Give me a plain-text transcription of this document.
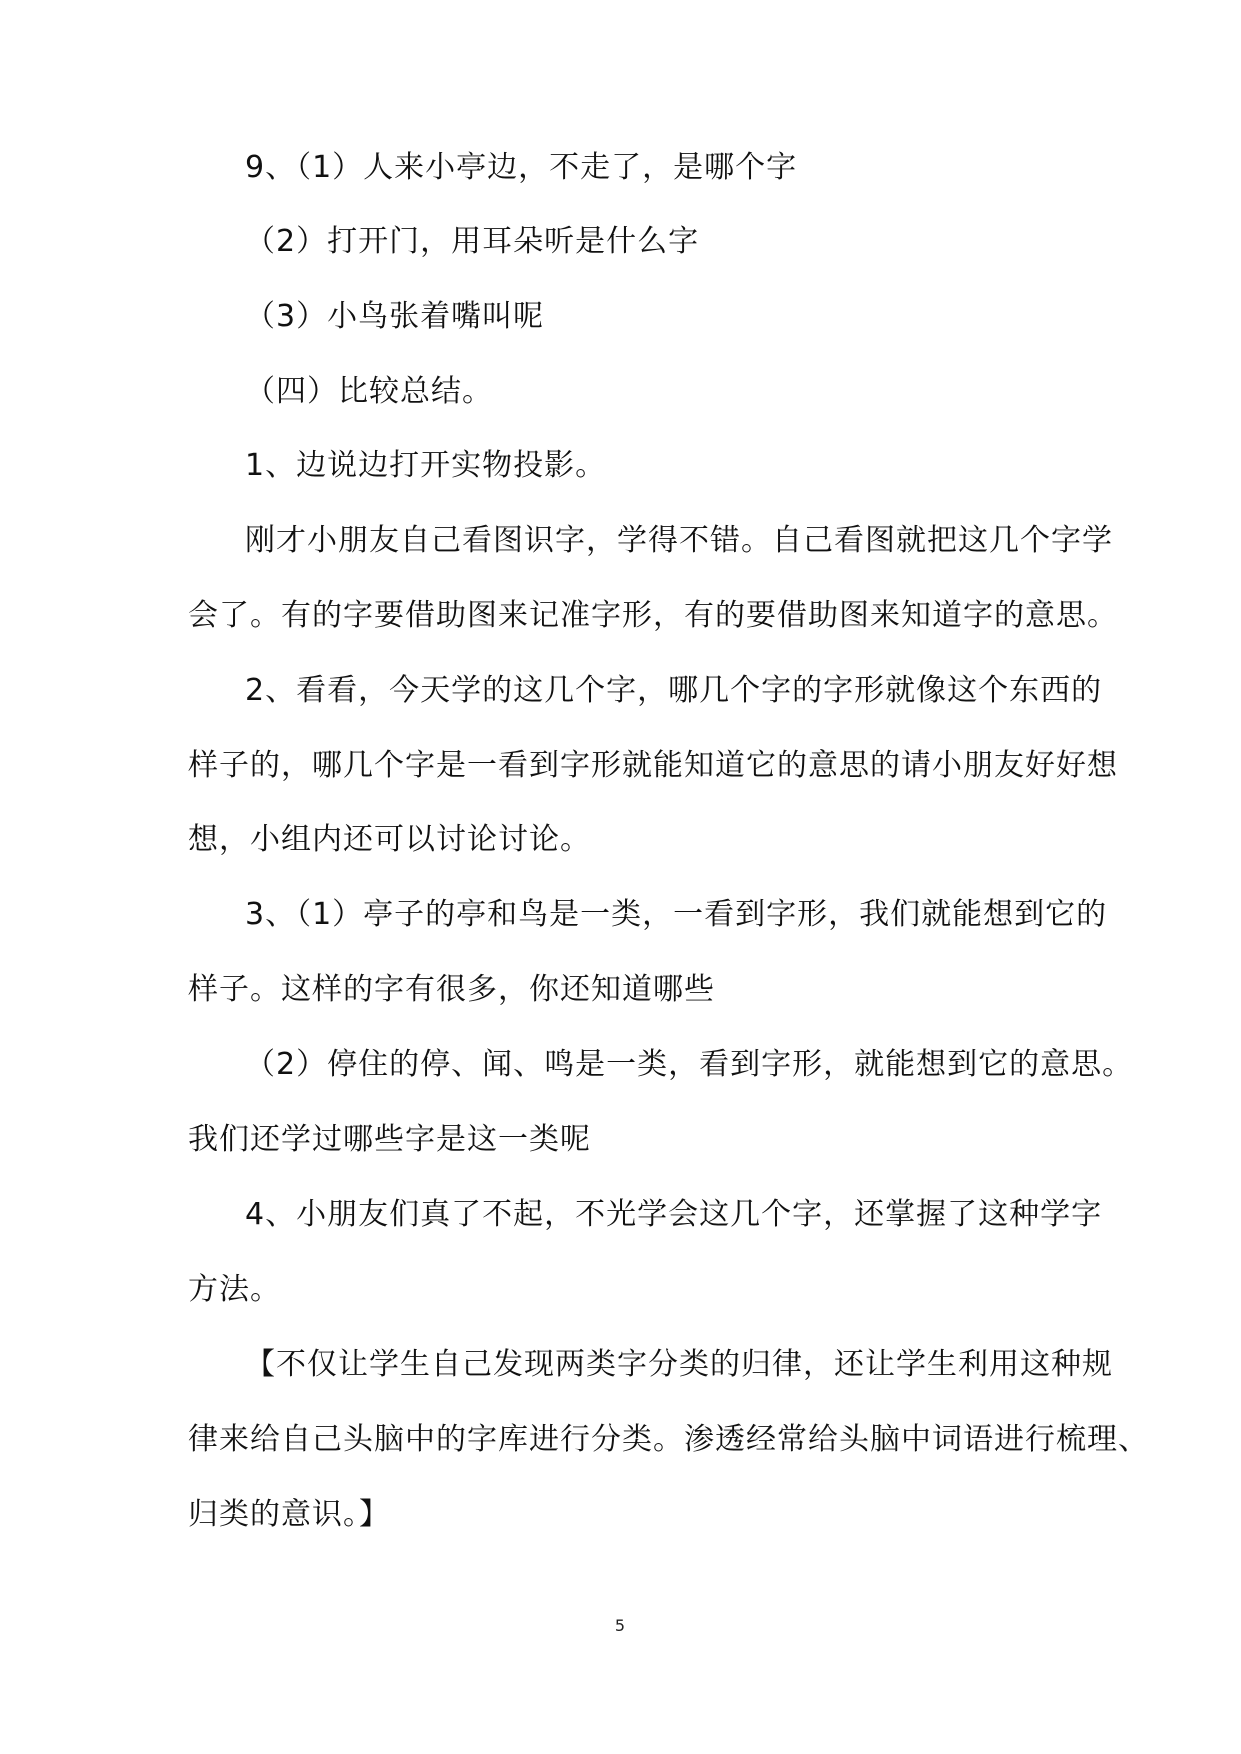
9、（1）人来小亭边，不走了，是哪个字
（2）打开门，用耳朵听是什么字
（3）小鸟张着嘴叫呢
（四）比较总结。
1、边说边打开实物投影。
刚才小朋友自己看图识字，学得不错。自己看图就把这几个字学
会了。有的字要借助图来记准字形，有的要借助图来知道字的意思。
2、看看，今天学的这几个字，哪几个字的字形就像这个东西的
样子的，哪几个字是一看到字形就能知道它的意思的请小朋友好好想
想，小组内还可以讨论讨论。
3、（1）亭子的亭和鸟是一类，一看到字形，我们就能想到它的
样子。这样的字有很多，你还知道哪些
（2）停住的停、闻、鸣是一类，看到字形，就能想到它的意思。
我们还学过哪些字是这一类呢
4、小朋友们真了不起，不光学会这几个字，还掌握了这种学字
方法。
【不仅让学生自己发现两类字分类的归律，还让学生利用这种规
律来给自己头脑中的字库进行分类。渗透经常给头脑中词语进行梳理、
归类的意识。】
5
